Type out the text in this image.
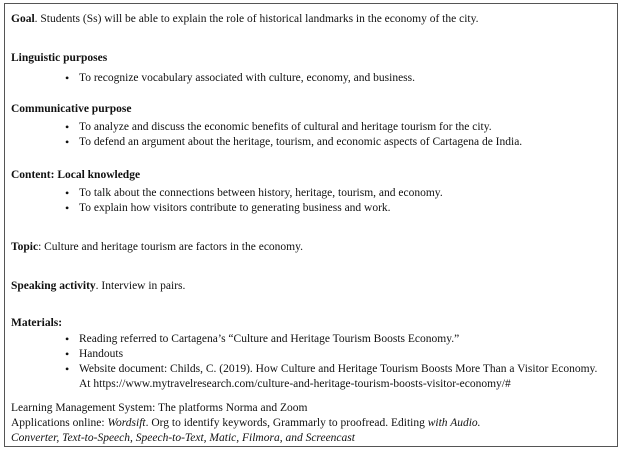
Goal. Students (Ss) will be able to explain the role of historical landmarks in the economy of the city.
Linguistic purposes
• To recognize vocabulary associated with culture, economy, and business.
Communicative purpose
• To analyze and discuss the economic benefits of cultural and heritage tourism for the city.
• To defend an argument about the heritage, tourism, and economic aspects of Cartagena de India.
Content: Local knowledge
• To talk about the connections between history, heritage, tourism, and economy.
• To explain how visitors contribute to generating business and work.
Topic: Culture and heritage tourism are factors in the economy.
Speaking activity. Interview in pairs.
Materials:
• Reading referred to Cartagena’s “Culture and Heritage Tourism Boosts Economy.”
• Handouts
• Website document: Childs, C. (2019). How Culture and Heritage Tourism Boosts More Than a Visitor Economy.
At https://www.mytravelresearch.com/culture-and-heritage-tourism-boosts-visitor-economy/#
Learning Management System: The platforms Norma and Zoom
Applications online: Wordsift. Org to identify keywords, Grammarly to proofread. Editing with Audio.
Converter, Text-to-Speech, Speech-to-Text, Matic, Filmora, and Screencast
